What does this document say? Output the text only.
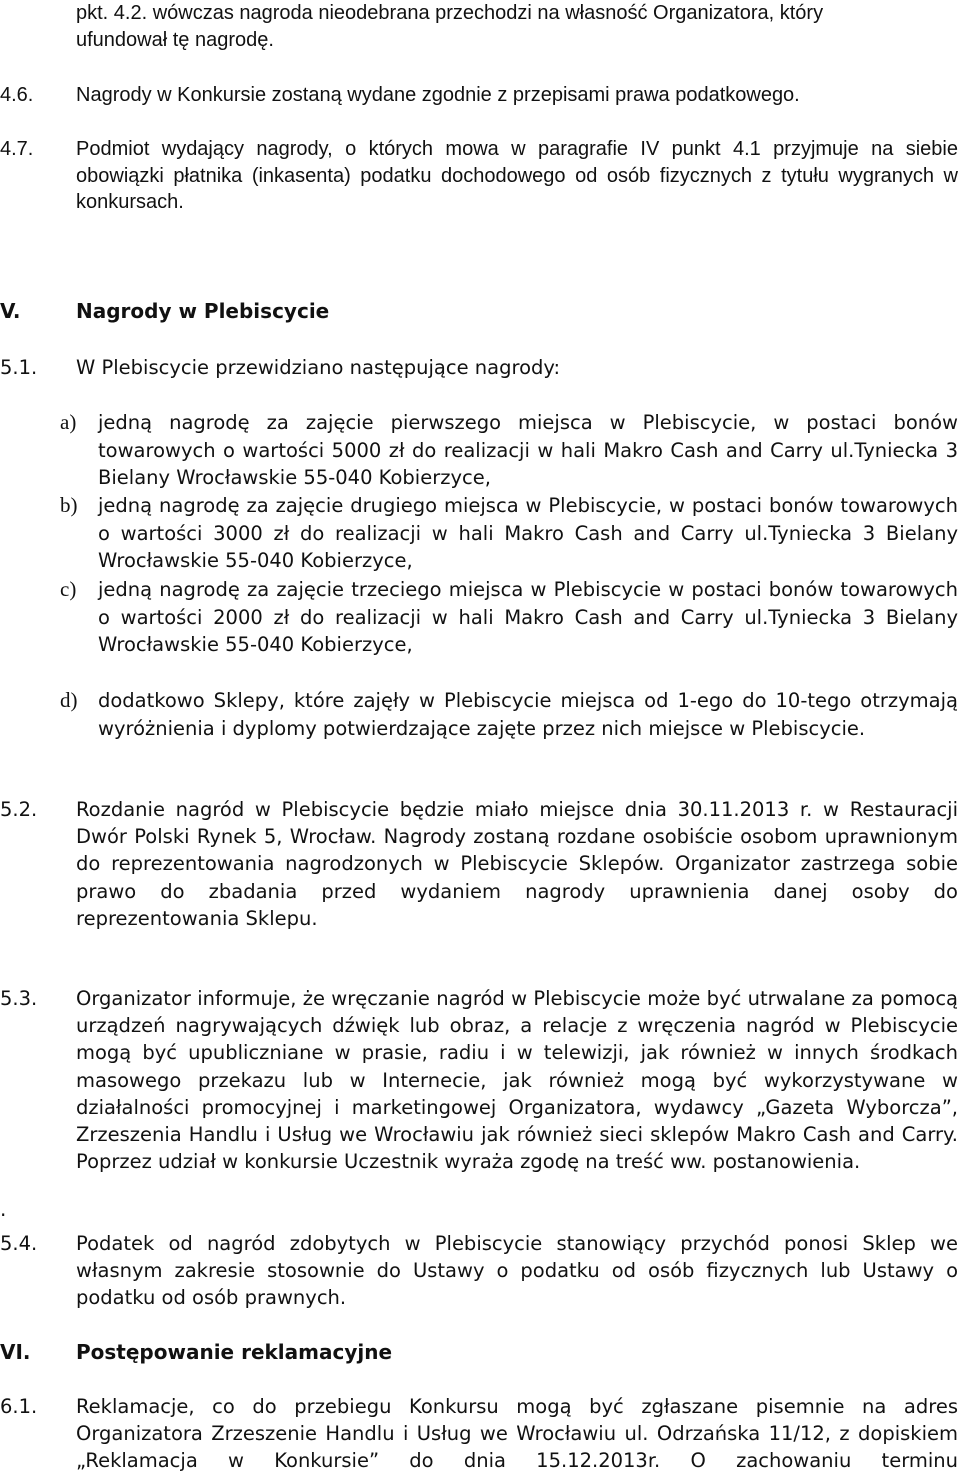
pkt. 4.2. wówczas nagroda nieodebrana przechodzi na własność Organizatora, który
ufundował tę nagrodę.
4.6. Nagrody w Konkursie zostaną wydane zgodnie z przepisami prawa podatkowego.
4.7. Podmiot wydający nagrody, o których mowa w paragrafie IV punkt 4.1 przyjmuje na siebie obowiązki płatnika (inkasenta) podatku dochodowego od osób fizycznych z tytułu wygranych w konkursach.
V.	Nagrody w Plebiscycie
5.1. W Plebiscycie przewidziano następujące nagrody:
a) jedną nagrodę za zajęcie pierwszego miejsca w Plebiscycie, w postaci bonów towarowych o wartości 5000 zł do realizacji w hali Makro Cash and Carry ul.Tyniecka 3 Bielany Wrocławskie 55-040 Kobierzyce,
b) jedną nagrodę za zajęcie drugiego miejsca w Plebiscycie, w postaci bonów towarowych o wartości 3000 zł do realizacji w hali Makro Cash and Carry ul.Tyniecka 3 Bielany Wrocławskie 55-040 Kobierzyce,
c) jedną nagrodę za zajęcie trzeciego miejsca w Plebiscycie w postaci bonów towarowych o wartości 2000 zł do realizacji w hali Makro Cash and Carry ul.Tyniecka 3 Bielany Wrocławskie 55-040 Kobierzyce,
d) dodatkowo Sklepy, które zajęły w Plebiscycie miejsca od 1-ego do 10-tego otrzymają wyróżnienia i dyplomy potwierdzające zajęte przez nich miejsce w Plebiscycie.
5.2. Rozdanie nagród w Plebiscycie będzie miało miejsce dnia 30.11.2013 r. w Restauracji Dwór Polski Rynek 5, Wrocław. Nagrody zostaną rozdane osobiście osobom uprawnionym do reprezentowania nagrodzonych w Plebiscycie Sklepów. Organizator zastrzega sobie prawo do zbadania przed wydaniem nagrody uprawnienia danej osoby do reprezentowania Sklepu.
5.3. Organizator informuje, że wręczanie nagród w Plebiscycie może być utrwalane za pomocą urządzeń nagrywających dźwięk lub obraz, a relacje z wręczenia nagród w Plebiscycie mogą być upubliczniane w prasie, radiu i w telewizji, jak również w innych środkach masowego przekazu lub w Internecie, jak również mogą być wykorzystywane w działalności promocyjnej i marketingowej Organizatora, wydawcy „Gazeta Wyborcza”, Zrzeszenia Handlu i Usług we Wrocławiu jak również sieci sklepów Makro Cash and Carry. Poprzez udział w konkursie Uczestnik wyraża zgodę na treść ww. postanowienia.
.
5.4. Podatek od nagród zdobytych w Plebiscycie stanowiący przychód ponosi Sklep we własnym zakresie stosownie do Ustawy o podatku od osób fizycznych lub Ustawy o podatku od osób prawnych.
VI. Postępowanie reklamacyjne
6.1. Reklamacje, co do przebiegu Konkursu mogą być zgłaszane pisemnie na adres Organizatora Zrzeszenie Handlu i Usług we Wrocławiu ul. Odrzańska 11/12, z dopiskiem „Reklamacja w Konkursie” do dnia 15.12.2013r. O zachowaniu terminu
